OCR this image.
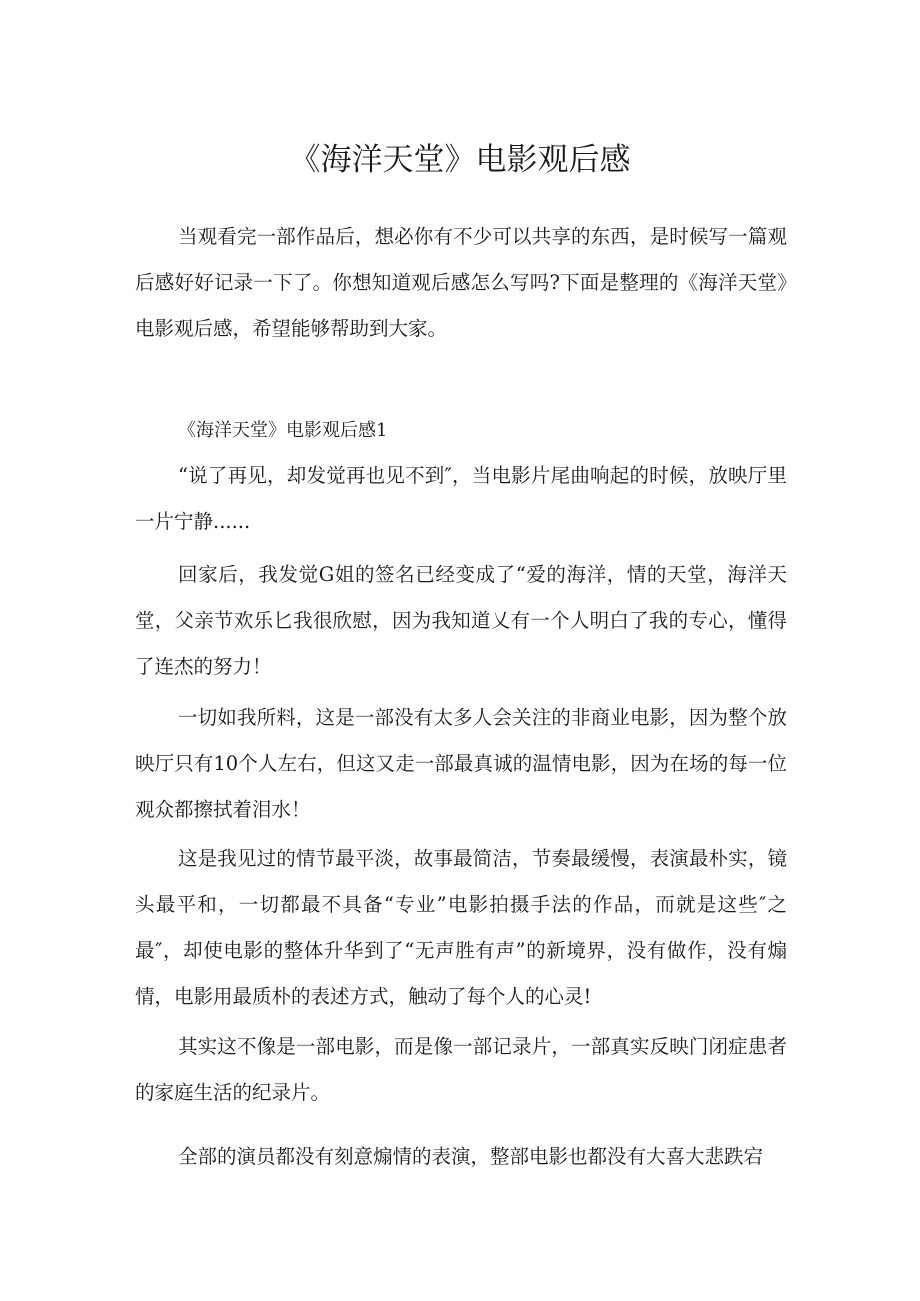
《海洋天堂》电影观后感

当观看完一部作品后，想必你有不少可以共享的东西，是时候写一篇观后感好好记录一下了。你想知道观后感怎么写吗?下面是整理的《海洋天堂》电影观后感，希望能够帮助到大家。

《海洋天堂》电影观后感1

“说了再见，却发觉再也见不到″，当电影片尾曲响起的时候，放映厅里一片宁静......

回家后，我发觉G姐的签名已经变成了“爱的海洋，情的天堂，海洋天堂，父亲节欢乐匕我很欣慰，因为我知道乂有一个人明白了我的专心，懂得了连杰的努力！

一切如我所料，这是一部没有太多人会关注的非商业电影，因为整个放映厅只有10个人左右，但这又走一部最真诚的温情电影，因为在场的每一位观众都擦拭着泪水！

这是我见过的情节最平淡，故事最简洁，节奏最缓慢，表演最朴实，镜头最平和，一切都最不具备“专业”电影拍摄手法的作品，而就是这些″之最″，却使电影的整体升华到了“无声胜有声”的新境界，没有做作，没有煽情，电影用最质朴的表述方式，触动了每个人的心灵!

其实这不像是一部电影，而是像一部记录片，一部真实反映门闭症患者的家庭生活的纪录片。

全部的演员都没有刻意煽情的表演，整部电影也都没有大喜大悲跌宕
